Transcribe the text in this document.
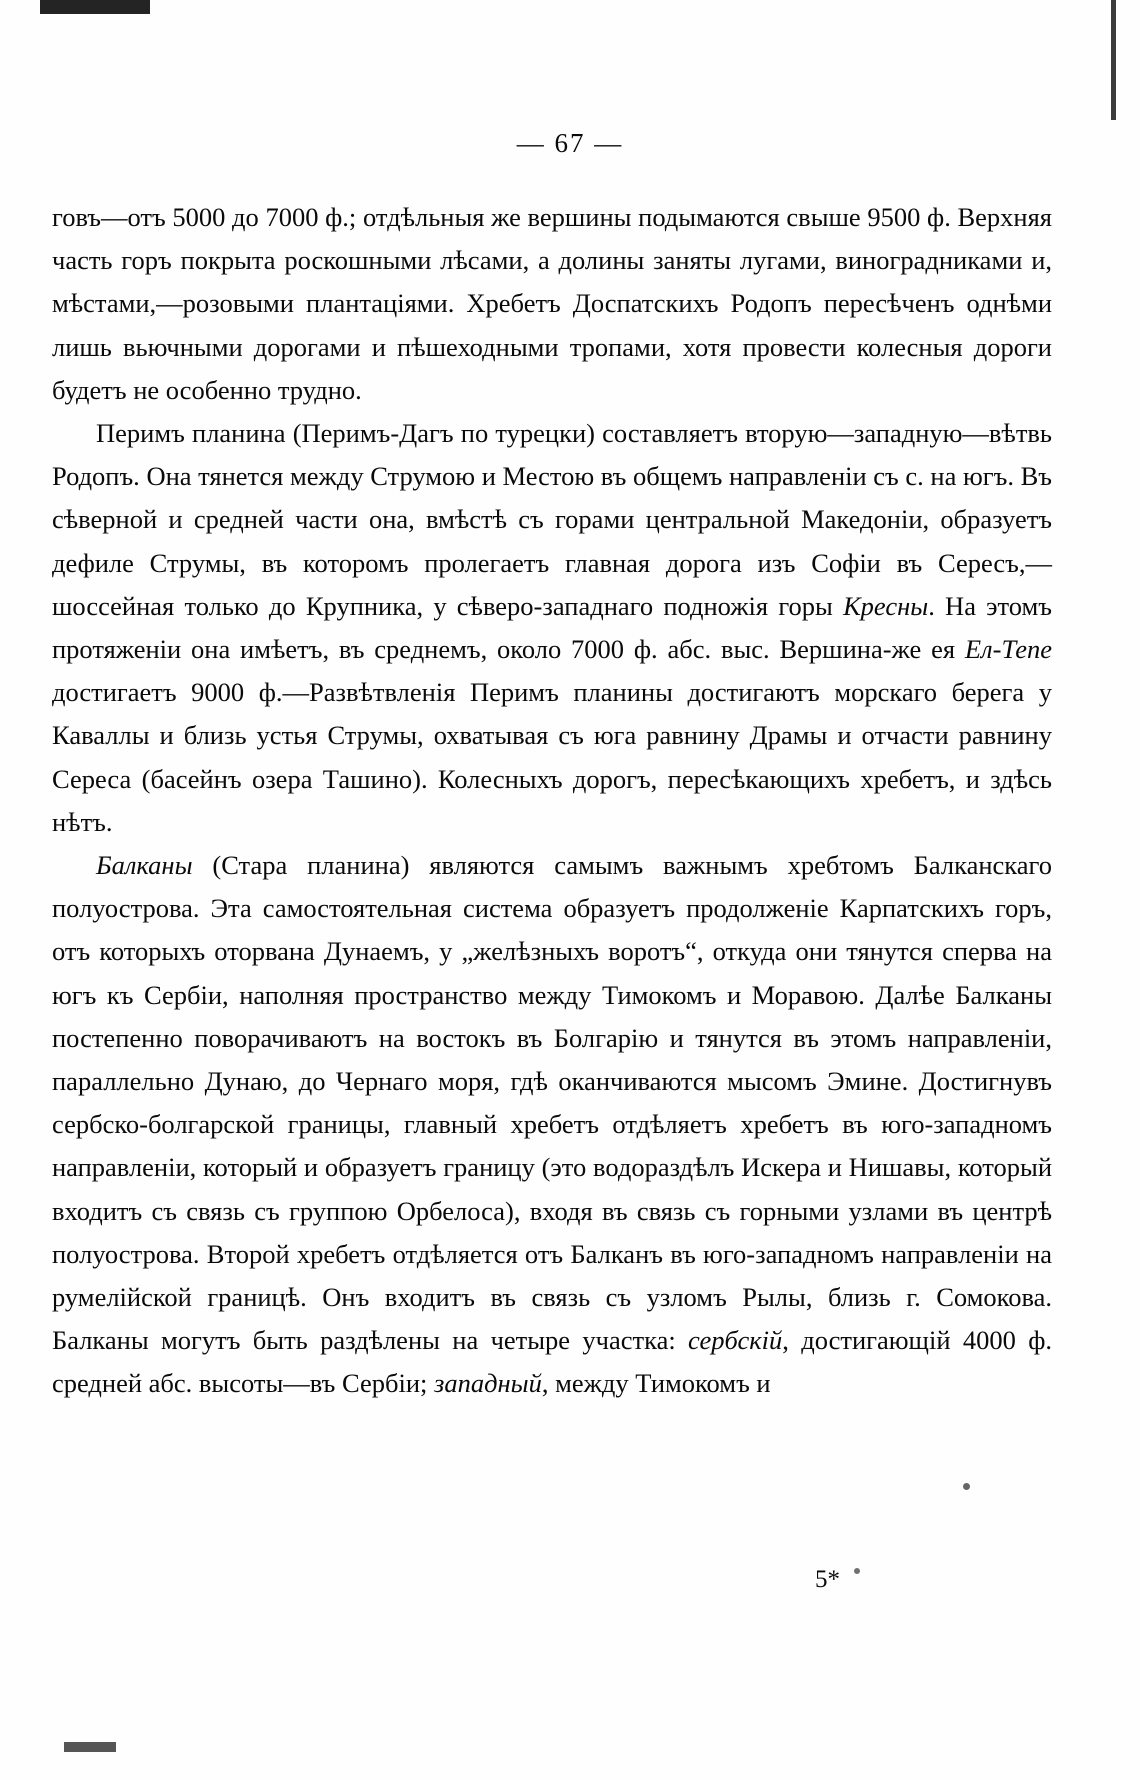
— 67 —

говъ—отъ 5000 до 7000 ф.; отдѣльныя же вершины подымаются свыше 9500 ф. Верхняя часть горъ покрыта роскошными лѣсами, а долины заняты лугами, виноградниками и, мѣстами,—розовыми плантаціями. Хребетъ Доспатскихъ Родопъ пересѣченъ однѣми лишь вьючными дорогами и пѣшеходными тропами, хотя провести колесныя дороги будетъ не особенно трудно.

Перимъ планина (Перимъ-Дагъ по турецки) составляетъ вторую—западную—вѣтвь Родопъ. Она тянется между Струмою и Местою въ общемъ направленіи съ с. на югъ. Въ сѣверной и средней части она, вмѣстѣ съ горами центральной Македоніи, образуетъ дефиле Струмы, въ которомъ пролегаетъ главная дорога изъ Софіи въ Сересъ,—шоссейная только до Крупника, у сѣверо-западнаго подножія горы Кресны. На этомъ протяженіи она имѣетъ, въ среднемъ, около 7000 ф. абс. выс. Вершина-же ея Ел-Тепе достигаетъ 9000 ф.—Развѣтвленія Перимъ планины достигаютъ морскаго берега у Каваллы и близь устья Струмы, охватывая съ юга равнину Драмы и отчасти равнину Сереса (басейнъ озера Ташино). Колесныхъ дорогъ, пересѣкающихъ хребетъ, и здѣсь нѣтъ.

Балканы (Стара планина) являются самымъ важнымъ хребтомъ Балканскаго полуострова. Эта самостоятельная система образуетъ продолженіе Карпатскихъ горъ, отъ которыхъ оторвана Дунаемъ, у „желѣзныхъ воротъ“, откуда они тянутся сперва на югъ къ Сербіи, наполняя пространство между Тимокомъ и Моравою. Далѣе Балканы постепенно поворачиваютъ на востокъ въ Болгарію и тянутся въ этомъ направленіи, параллельно Дунаю, до Чернаго моря, гдѣ оканчиваются мысомъ Эмине. Достигнувъ сербско-болгарской границы, главный хребетъ отдѣляетъ хребетъ въ юго-западномъ направленіи, который и образуетъ границу (это водораздѣлъ Искера и Нишавы, который входитъ съ связь съ группою Орбелоса), входя въ связь съ горными узлами въ центрѣ полуострова. Второй хребетъ отдѣляется отъ Балканъ въ юго-западномъ направленіи на румелійской границѣ. Онъ входитъ въ связь съ узломъ Рылы, близь г. Сомокова. Балканы могутъ быть раздѣлены на четыре участка: сербскій, достигающій 4000 ф. средней абс. высоты—въ Сербіи; западный, между Тимокомъ и

5*
